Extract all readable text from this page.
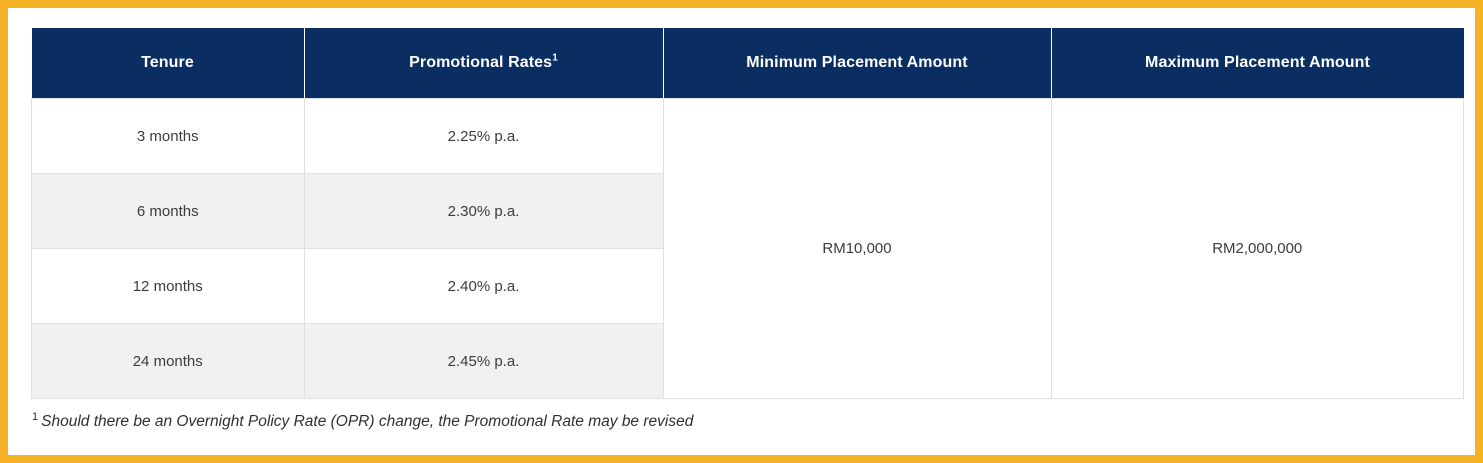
Tenure	Promotional Rates$^1$	Minimum Placement Amount	Maximum Placement Amount
3 months	2.25% p.a.	RM10,000	RM2,000,000
6 months	2.30% p.a.		
12 months	2.40% p.a.		
24 months	2.45% p.a.		
$^1$ Should there be an Overnight Policy Rate (OPR) change, the Promotional Rate may be revised
